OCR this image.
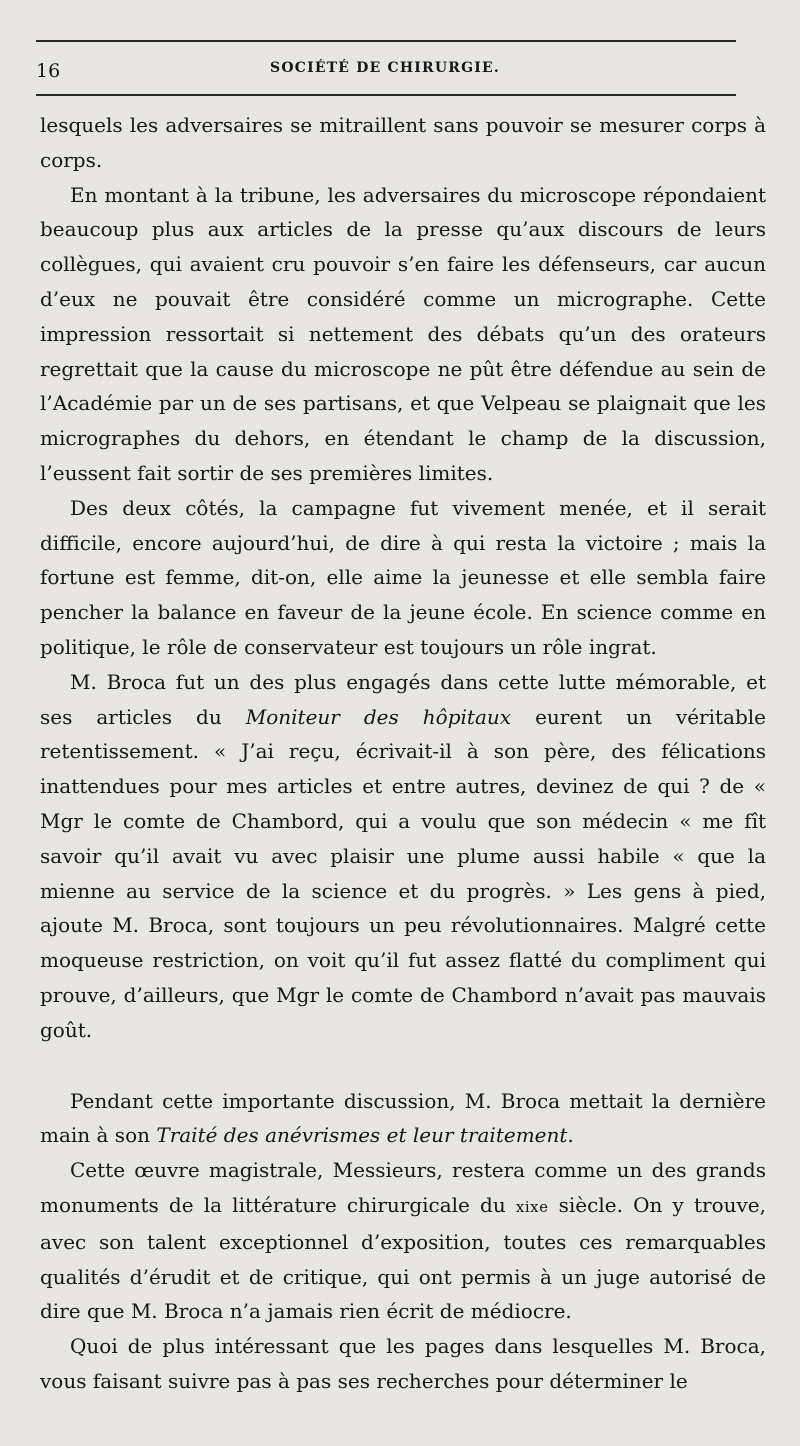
16	SOCIÉTÉ DE CHIRURGIE.

lesquels les adversaires se mitraillent sans pouvoir se mesurer corps à corps.

En montant à la tribune, les adversaires du microscope répondaient beaucoup plus aux articles de la presse qu’aux discours de leurs collègues, qui avaient cru pouvoir s’en faire les défenseurs, car aucun d’eux ne pouvait être considéré comme un micrographe. Cette impression ressortait si nettement des débats qu’un des orateurs regrettait que la cause du microscope ne pût être défendue au sein de l’Académie par un de ses partisans, et que Velpeau se plaignait que les micrographes du dehors, en étendant le champ de la discussion, l’eussent fait sortir de ses premières limites.

Des deux côtés, la campagne fut vivement menée, et il serait difficile, encore aujourd’hui, de dire à qui resta la victoire ; mais la fortune est femme, dit-on, elle aime la jeunesse et elle sembla faire pencher la balance en faveur de la jeune école. En science comme en politique, le rôle de conservateur est toujours un rôle ingrat.

M. Broca fut un des plus engagés dans cette lutte mémorable, et ses articles du Moniteur des hôpitaux eurent un véritable retentissement. « J’ai reçu, écrivait-il à son père, des félications inattendues pour mes articles et entre autres, devinez de qui ? de « Mgr le comte de Chambord, qui a voulu que son médecin « me fît savoir qu’il avait vu avec plaisir une plume aussi habile « que la mienne au service de la science et du progrès. » Les gens à pied, ajoute M. Broca, sont toujours un peu révolutionnaires. Malgré cette moqueuse restriction, on voit qu’il fut assez flatté du compliment qui prouve, d’ailleurs, que Mgr le comte de Chambord n’avait pas mauvais goût.

Pendant cette importante discussion, M. Broca mettait la dernière main à son Traité des anévrismes et leur traitement.

Cette œuvre magistrale, Messieurs, restera comme un des grands monuments de la littérature chirurgicale du xixe siècle. On y trouve, avec son talent exceptionnel d’exposition, toutes ces remarquables qualités d’érudit et de critique, qui ont permis à un juge autorisé de dire que M. Broca n’a jamais rien écrit de médiocre.

Quoi de plus intéressant que les pages dans lesquelles M. Broca, vous faisant suivre pas à pas ses recherches pour déterminer le
